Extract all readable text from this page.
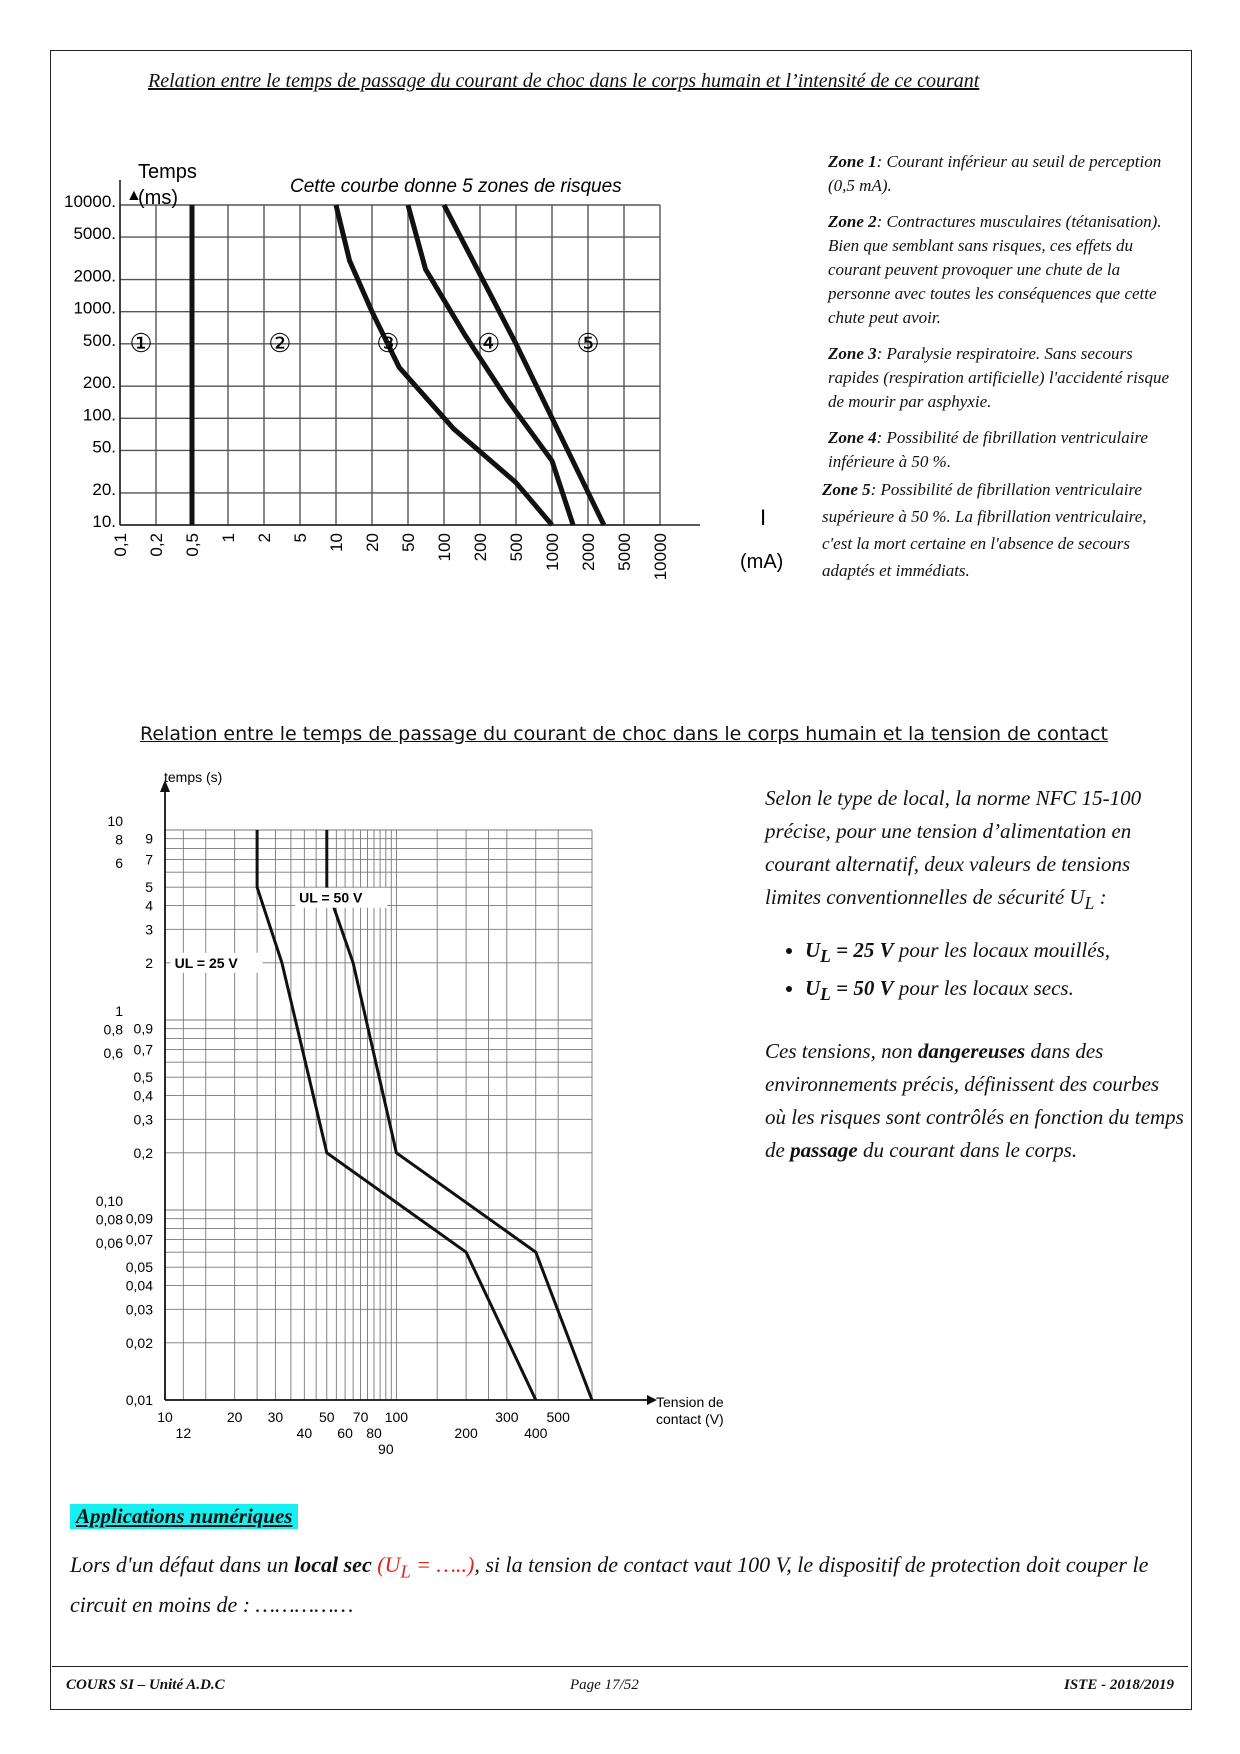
Relation entre le temps de passage du courant de choc dans le corps humain et l’intensité de ce courant
0,1 0,2 0,5 1 2 5 10 20 50 100 200 500 1000 2000 5000 10000
10000.
5000.
2000.
1000.
500.
200.
100.
50.
20.
10.
①	②	③	④	⑤
Cette courbe donne 5 zones de risques
Temps
(ms)
▲
I
(mA)

Zone 1: Courant inférieur au seuil de perception (0,5 mA).

Zone 2: Contractures musculaires (tétanisation). Bien que semblant sans risques, ces effets du courant peuvent provoquer une chute de la personne avec toutes les conséquences que cette chute peut avoir.

Zone 3: Paralysie respiratoire. Sans secours rapides (respiration artificielle) l'accidenté risque de mourir par asphyxie.

Zone 4: Possibilité de fibrillation ventriculaire inférieure à 50 %.

Zone 5: Possibilité de fibrillation ventriculaire supérieure à 50 %. La fibrillation ventriculaire, c'est la mort certaine en l'absence de secours adaptés et immédiats.

Relation entre le temps de passage du courant de choc dans le corps humain et la tension de contact
9
7
5
4
3
2
0,9
0,7
0,5
0,4
0,3
0,2
0,09
0,07
0,05
0,04
0,03
0,02
0,01
10
8
6
1
0,8
0,6
0,10
0,08
0,06
10	20 30	50 70 100	300 500
12	40 60 80	200	400
90
UL = 25 V
UL = 50 V
temps (s)
Tension de
contact (V)

Selon le type de local, la norme NFC 15-100 précise, pour une tension d’alimentation en courant alternatif, deux valeurs de tensions limites conventionnelles de sécurité $U_L$ :

• $U_L = 25$ V pour les locaux mouillés,
• $U_L = 50$ V pour les locaux secs.

Ces tensions, non dangereuses dans des environnements précis, définissent des courbes où les risques sont contrôlés en fonction du temps de passage du courant dans le corps.

Applications numériques
Lors d'un défaut dans un local $\sec (U_L$ = …..), si la tension de contact vaut 100 V, le dispositif de protection doit couper le circuit en moins de : ……………
COURS SI – Unité A.D.C	Page 17/52	ISTE - 2018/2019
